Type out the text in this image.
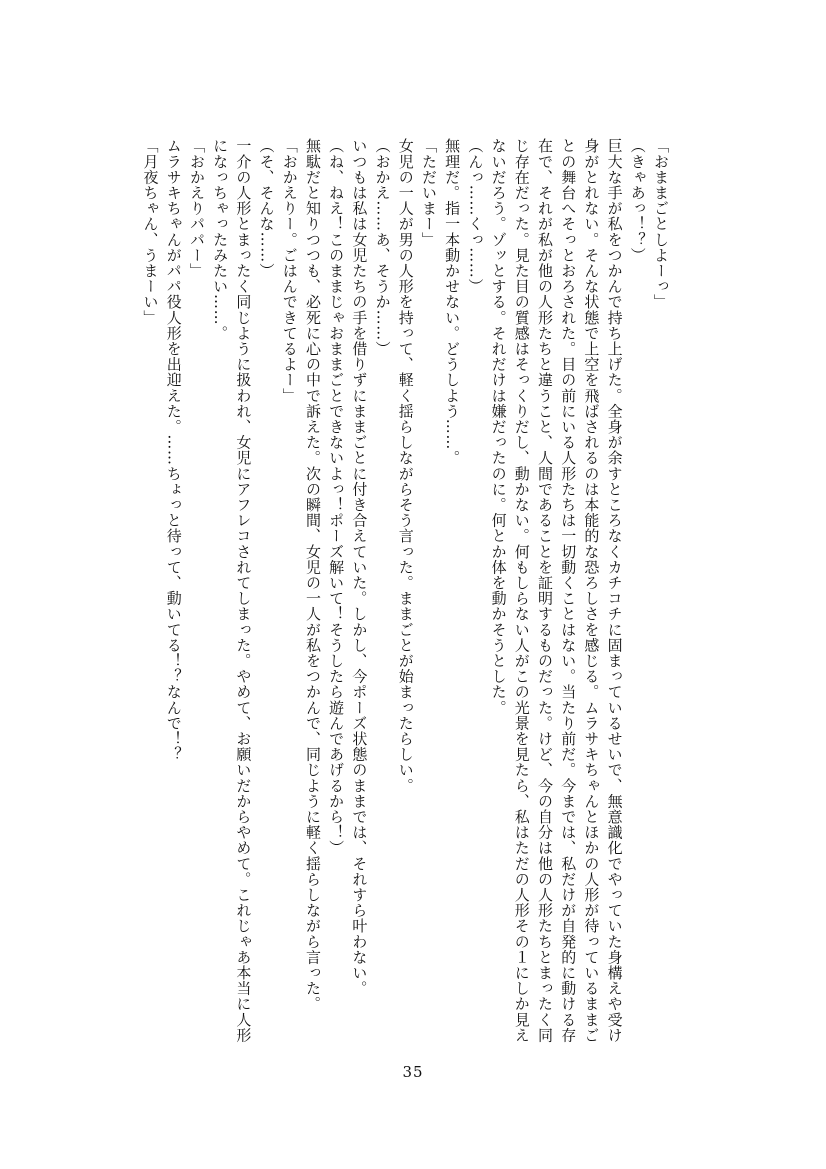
「おままごとしよーっ」

（きゃあっ！？）

巨大な手が私をつかんで持ち上げた。全身が余すところなくカチコチに固まっているせいで、無意識化でやっていた身構えや受け身がとれない。そんな状態で上空を飛ばされるのは本能的な恐ろしさを感じる。ムラサキちゃんとほかの人形が待っているままごとの舞台へそっとおろされた。目の前にいる人形たちは一切動くことはない。当たり前だ。今までは、私だけが自発的に動ける存在で、それが私が他の人形たちと違うこと、人間であることを証明するものだった。けど、今の自分は他の人形たちとまったく同じ存在だった。見た目の質感はそっくりだし、動かない。何もしらない人がこの光景を見たら、私はただの人形その１にしか見えないだろう。ゾッとする。それだけは嫌だったのに。何とか体を動かそうとした。

（んっ……くっ……）

無理だ。指一本動かせない。どうしよう……。

「ただいまー」

女児の一人が男の人形を持って、軽く揺らしながらそう言った。ままごとが始まったらしい。

（おかえ……あ、そうか……）

いつもは私は女児たちの手を借りずにままごとに付き合えていた。しかし、今ポーズ状態のままでは、それすら叶わない。

（ね、ねえ！このままじゃおままごとできないよっ！ポーズ解いて！そうしたら遊んであげるから！）

無駄だと知りつつも、必死に心の中で訴えた。次の瞬間、女児の一人が私をつかんで、同じように軽く揺らしながら言った。

「おかえりー。ごはんできてるよー」

（そ、そんな……）

一介の人形とまったく同じように扱われ、女児にアフレコされてしまった。やめて、お願いだからやめて。これじゃあ本当に人形になっちゃったみたい……。

「おかえりパパー」

ムラサキちゃんがパパ役人形を出迎えた。……ちょっと待って、動いてる！？なんで！？

「月夜ちゃん、うまーい」

35
